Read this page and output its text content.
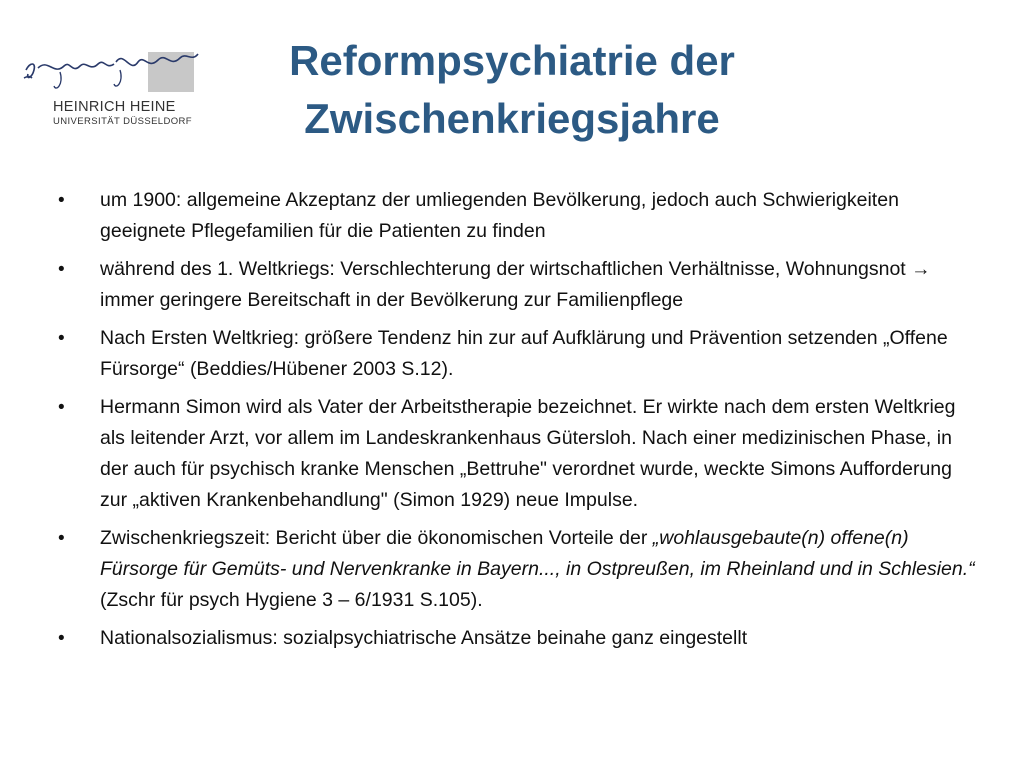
HEINRICH HEINE
UNIVERSITÄT DÜSSELDORF
Reformpsychiatrie der
Zwischenkriegsjahre
• um 1900: allgemeine Akzeptanz der umliegenden Bevölkerung, jedoch auch Schwierigkeiten geeignete Pflegefamilien für die Patienten zu finden
• während des 1. Weltkriegs: Verschlechterung der wirtschaftlichen Verhältnisse, Wohnungsnot → immer geringere Bereitschaft in der Bevölkerung zur Familienpflege
• Nach Ersten Weltkrieg: größere Tendenz hin zur auf Aufklärung und Prävention setzenden „Offene Fürsorge“ (Beddies/Hübener 2003 S.12).
• Hermann Simon wird als Vater der Arbeitstherapie bezeichnet. Er wirkte nach dem ersten Weltkrieg als leitender Arzt, vor allem im Landeskrankenhaus Gütersloh. Nach einer medizinischen Phase, in der auch für psychisch kranke Menschen „Bettruhe" verordnet wurde, weckte Simons Aufforderung zur „aktiven Krankenbehandlung" (Simon 1929) neue Impulse.
• Zwischenkriegszeit: Bericht über die ökonomischen Vorteile der „wohlausgebaute(n) offene(n) Fürsorge für Gemüts- und Nervenkranke in Bayern..., in Ostpreußen, im Rheinland und in Schlesien.“ (Zschr für psych Hygiene 3 – 6/1931 S.105).
• Nationalsozialismus: sozialpsychiatrische Ansätze beinahe ganz eingestellt
